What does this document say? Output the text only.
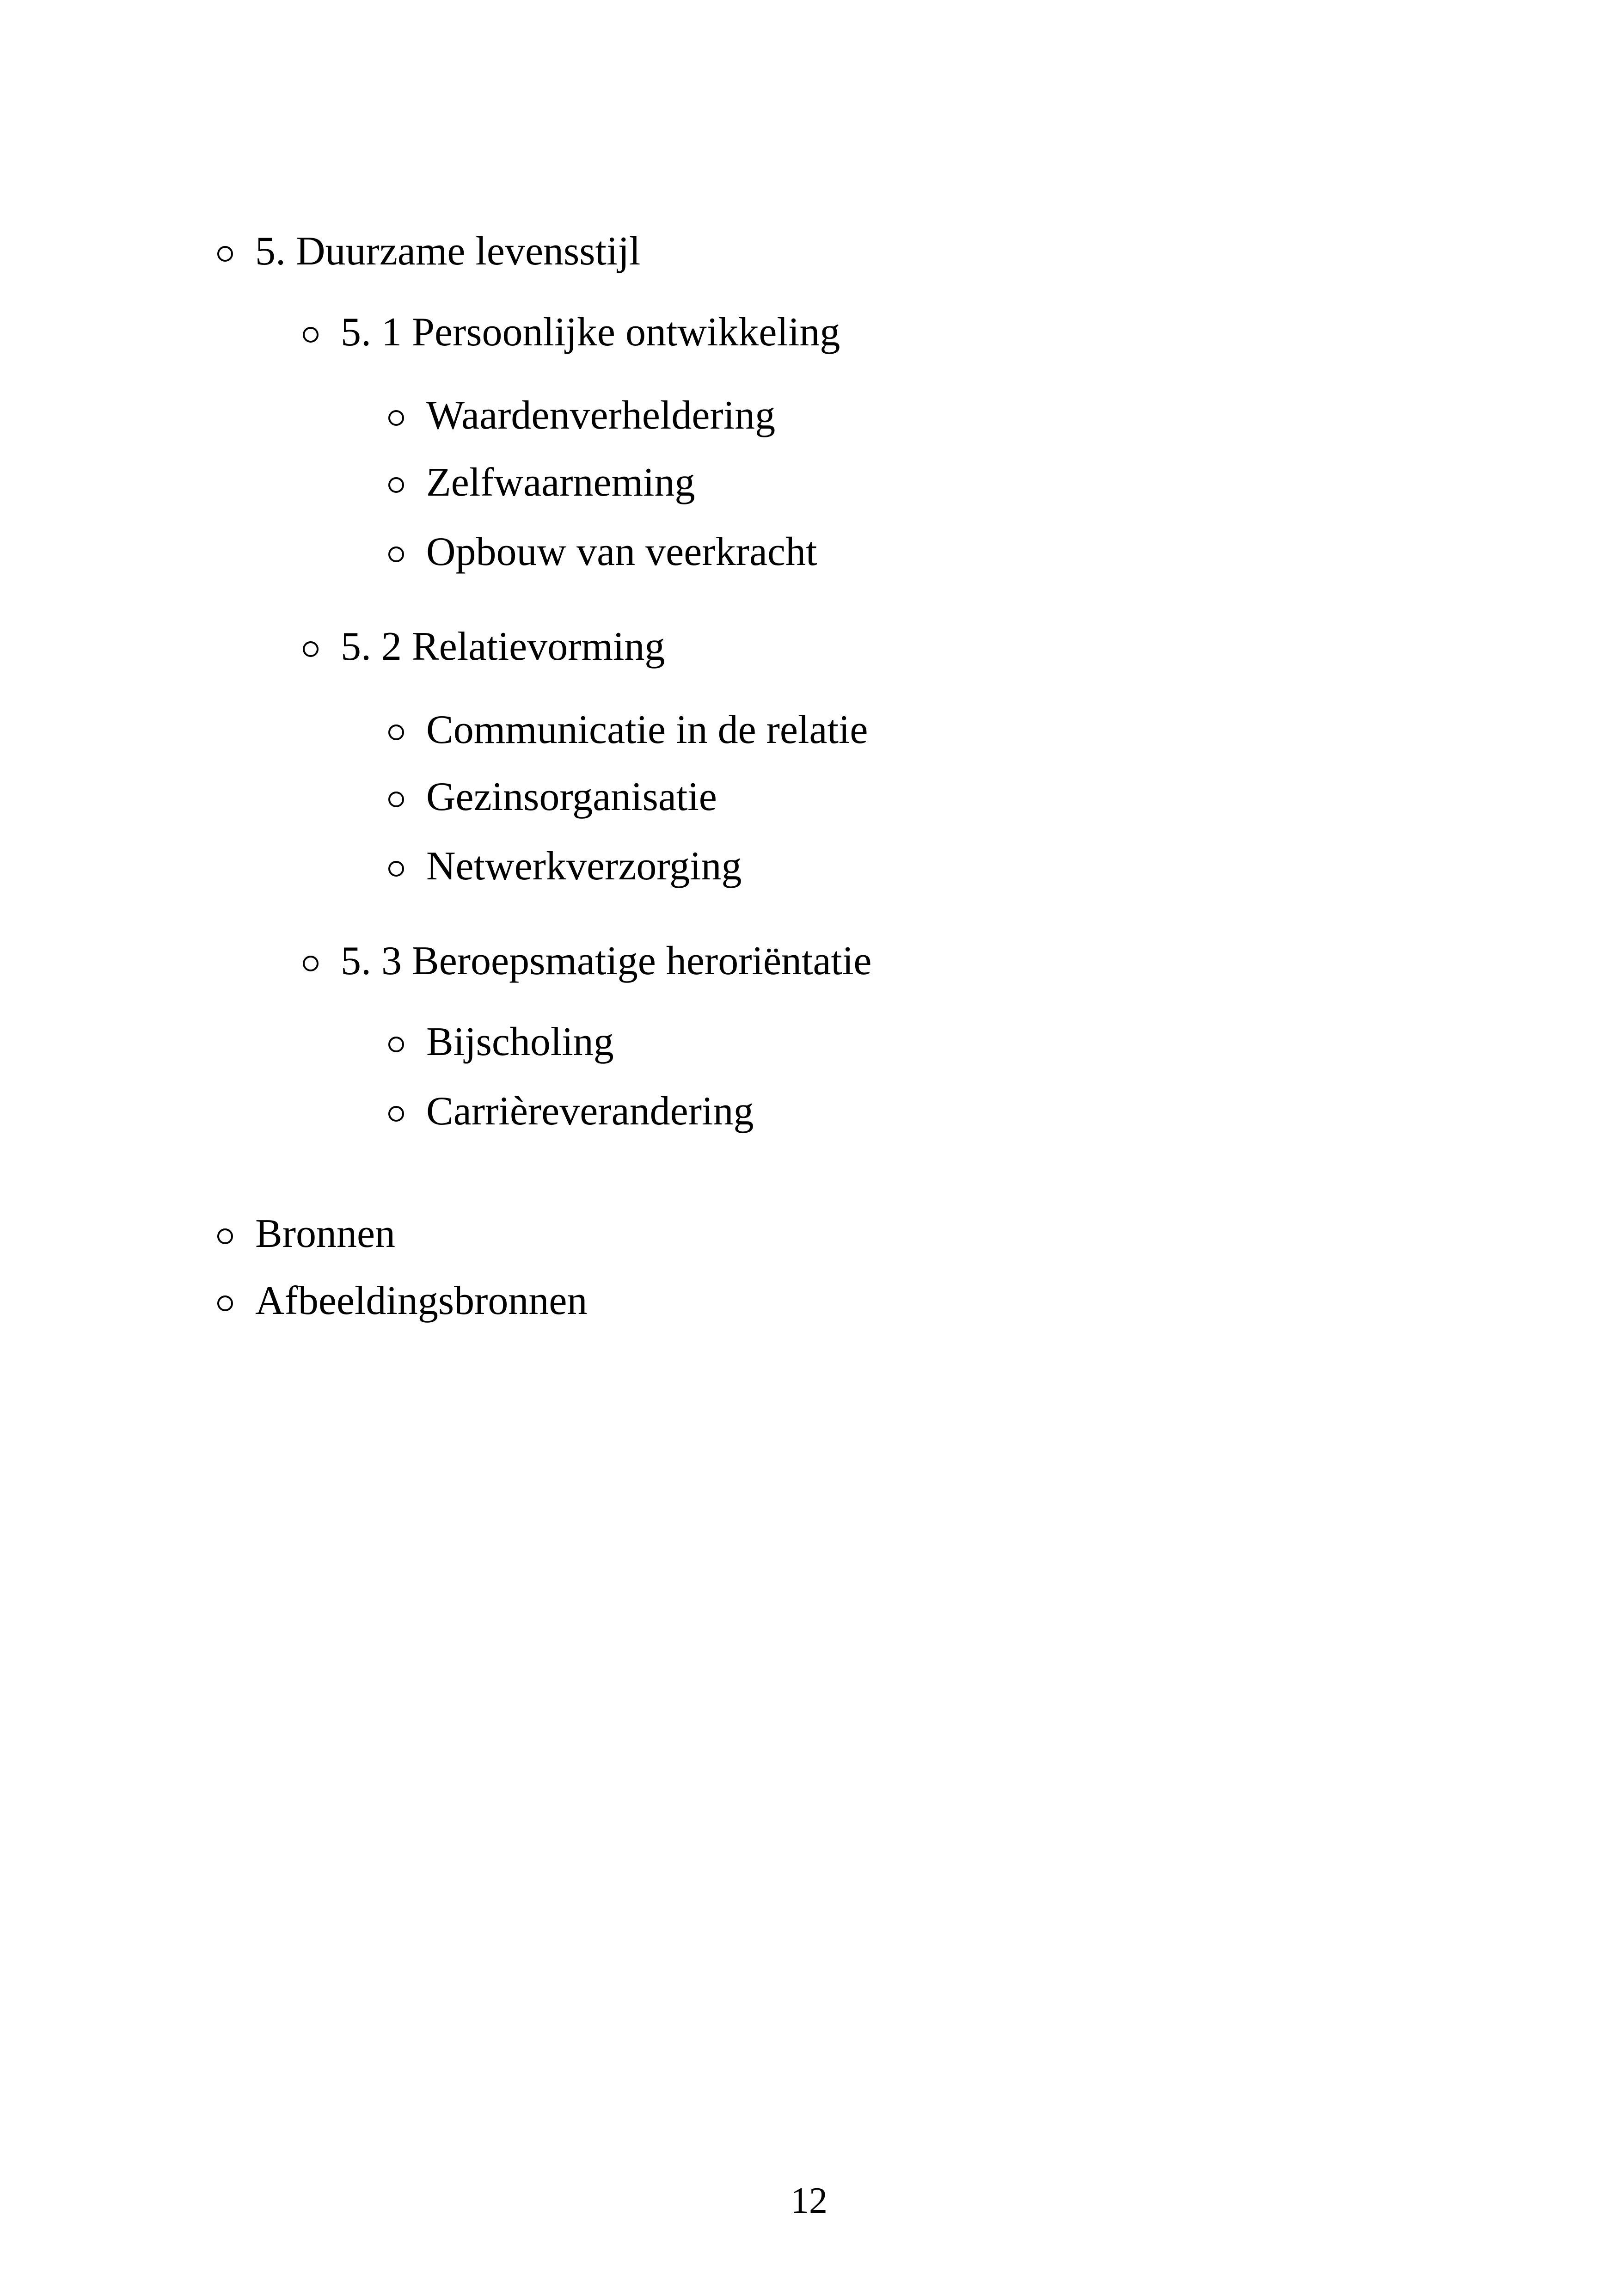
5. Duurzame levensstijl
5. 1 Persoonlijke ontwikkeling
Waardenverheldering
Zelfwaarneming
Opbouw van veerkracht
5. 2 Relatievorming
Communicatie in de relatie
Gezinsorganisatie
Netwerkverzorging
5. 3 Beroepsmatige heroriëntatie
Bijscholing
Carrièreverandering
Bronnen
Afbeeldingsbronnen
12
